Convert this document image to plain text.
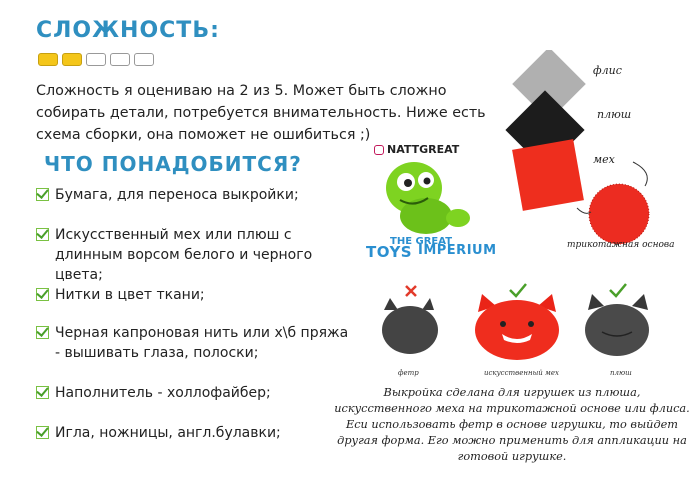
СЛОЖНОСТЬ:
Сложность я оцениваю на 2 из 5. Может быть сложно собирать детали, потребуется внимательность. Ниже есть схема сборки, она поможет не ошибиться ;)
ЧТО ПОНАДОБИТСЯ?
Бумага, для переноса выкройки;
Искусственный мех или плюш с длинным ворсом белого и черного цвета;
Нитки в цвет ткани;
Черная капроновая нить или х\б пряжа - вышивать глаза, полоски;
Наполнитель - холлофайбер;
Игла, ножницы, англ.булавки;
NATTGREAT
THE GREAT
TOYS IMPERIUM
флис
плюш
мех
трикотажная основа
фетр	искусственный мех	плюш
Выкройка сделана для игрушек из плюша, искусственного меха на трикотажной основе или флиса. Еси использовать фетр в основе игрушки, то выйдет другая форма. Его можно применить для аппликации на готовой игрушке.
